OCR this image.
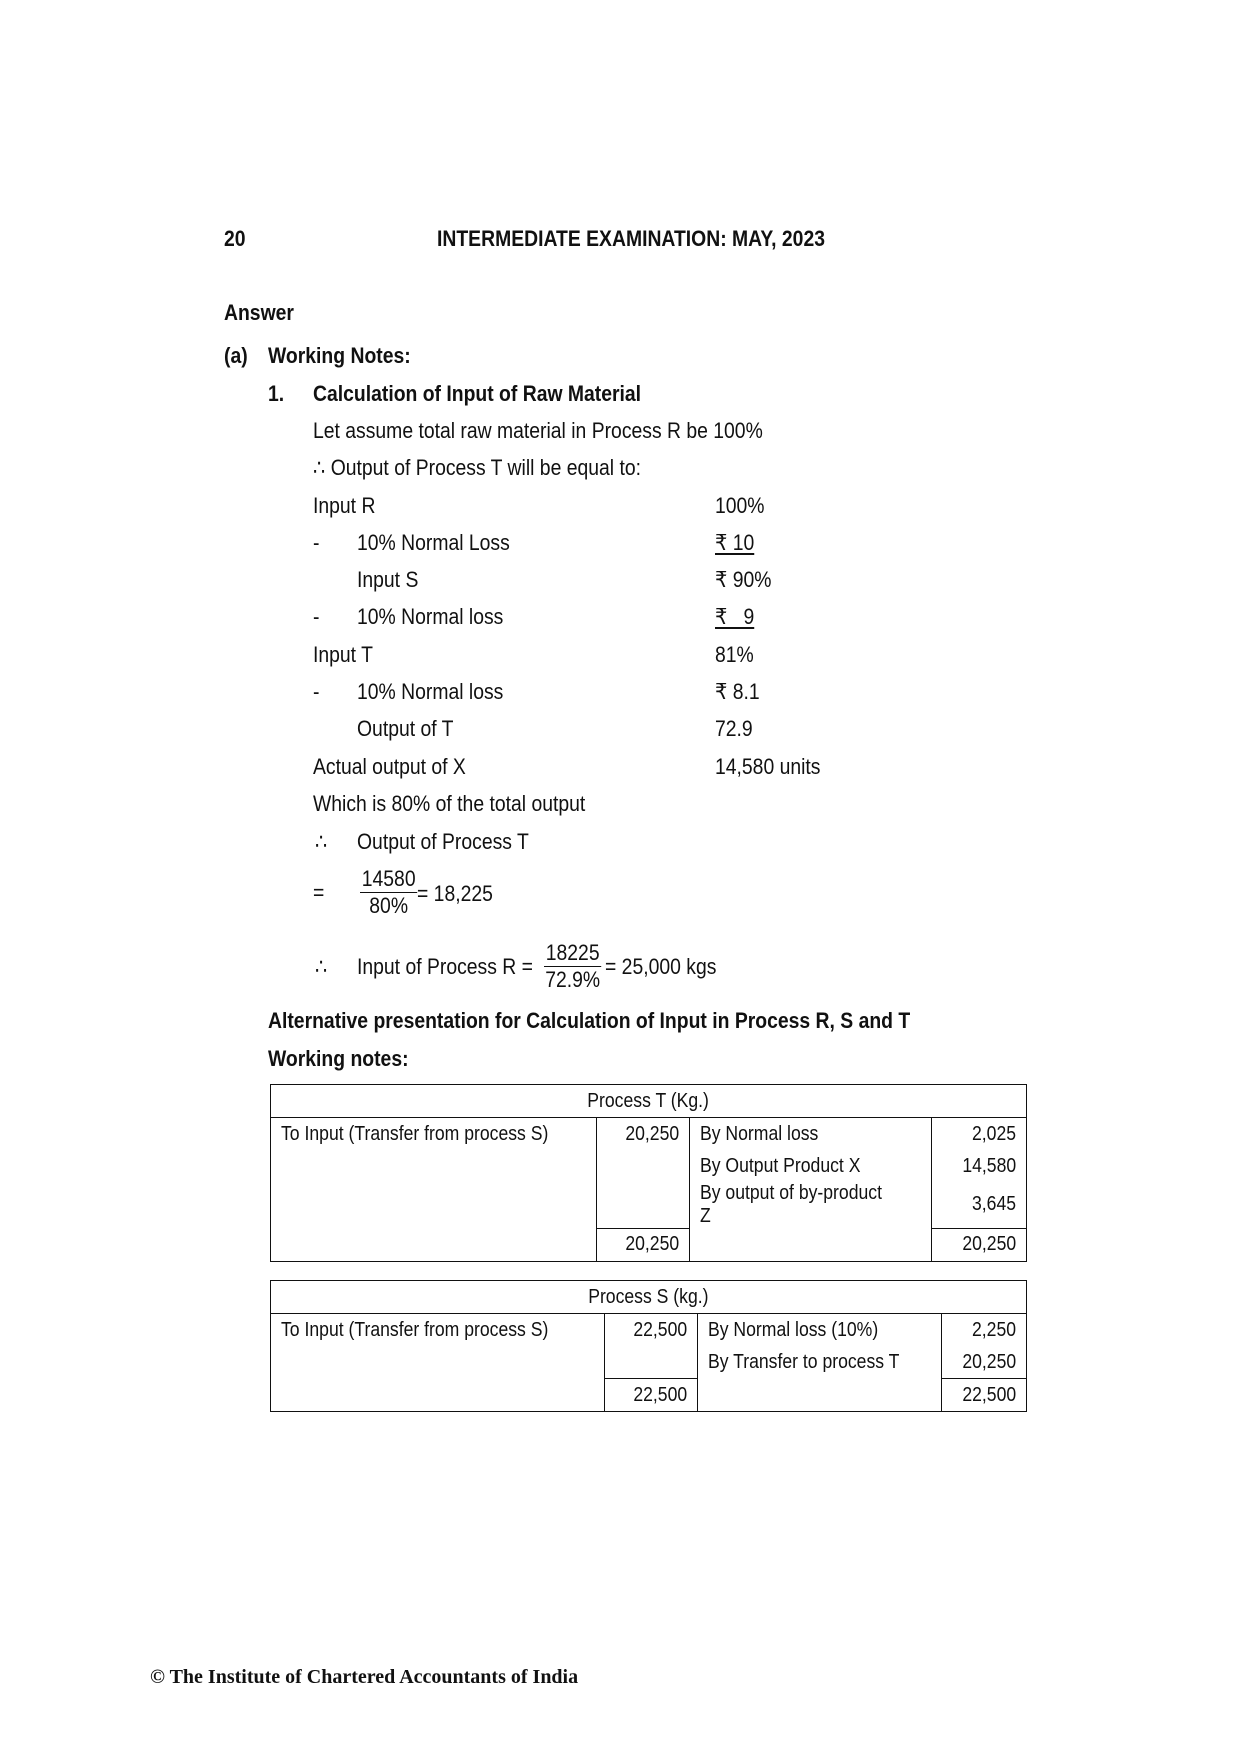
20	INTERMEDIATE EXAMINATION: MAY, 2023
Answer
(a) Working Notes:
1. Calculation of Input of Raw Material
Let assume total raw material in Process R be 100%
∴ Output of Process T will be equal to:
Input R	100%
- 10% Normal Loss	₹ 10
Input S	₹ 90%
- 10% Normal loss	₹   9
Input T	81%
- 10% Normal loss	₹ 8.1
Output of T	72.9
Actual output of X	14,580 units
Which is 80% of the total output
∴ Output of Process T
= $\frac{14580}{80\%} = 18,225$
∴ Input of Process $R = \frac{18225}{72.9\%} = 25,000$ kgs
Alternative presentation for Calculation of Input in Process R, S and T
Working notes:
Process T (Kg.)			
To Input (Transfer from process S)	20,250	By Normal loss	2,025
		By Output Product X	14,580
		By output of by-product Z	3,645
	20,250		20,250
Process S (kg.)			
To Input (Transfer from process S)	22,500	By Normal loss (10%)	2,250
		By Transfer to process T	20,250
	22,500		22,500
© The Institute of Chartered Accountants of India
